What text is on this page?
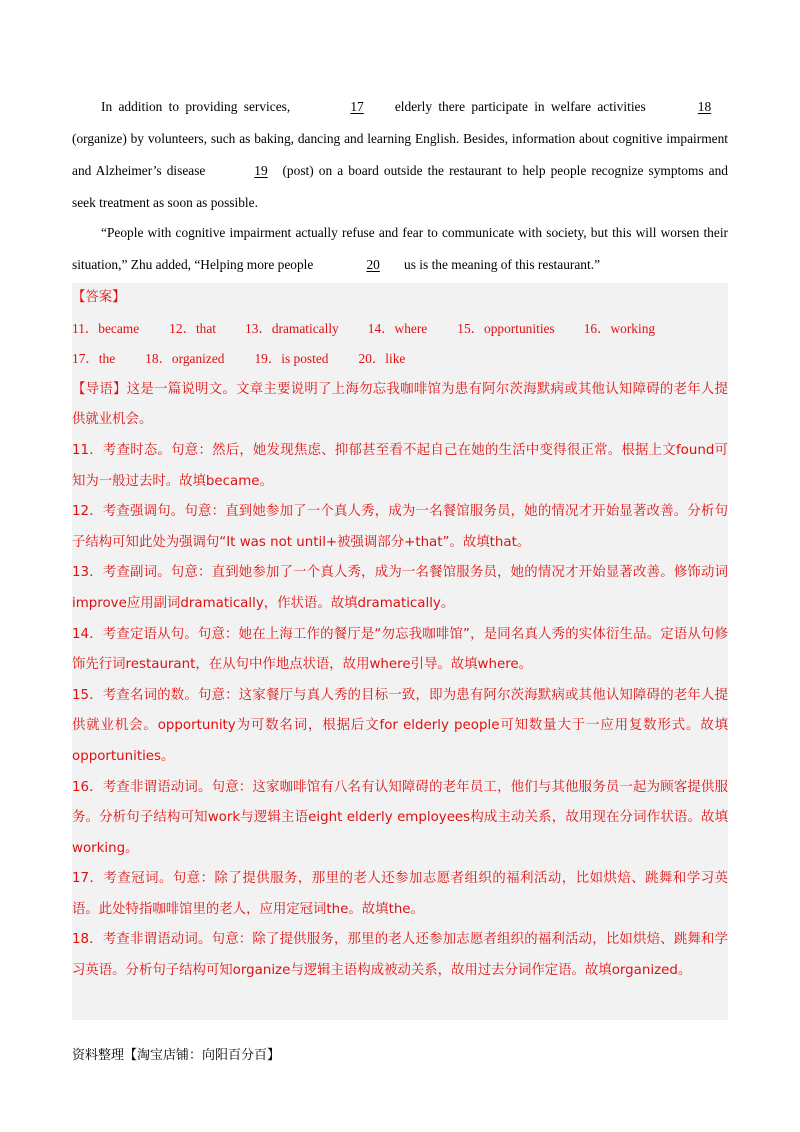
In addition to providing services,	17 elderly there participate in welfare activities	18 (organize) by volunteers, such as baking, dancing and learning English. Besides, information about cognitive impairment and Alzheimer’s disease	19 (post) on a board outside the restaurant to help people recognize symptoms and seek treatment as soon as possible.

“People with cognitive impairment actually refuse and fear to communicate with society, but this will worsen their situation,” Zhu added, “Helping more people	20 us is the meaning of this restaurant.”

【答案】

11．became 12．that 13．dramatically 14．where 15．opportunities 16．working

17．the 18．organized 19．is posted 20．like

【导语】这是一篇说明文。文章主要说明了上海勿忘我咖啡馆为患有阿尔茨海默病或其他认知障碍的老年人提供就业机会。

11．考查时态。句意：然后，她发现焦虑、抑郁甚至看不起自己在她的生活中变得很正常。根据上文found可知为一般过去时。故填became。

12．考查强调句。句意：直到她参加了一个真人秀，成为一名餐馆服务员，她的情况才开始显著改善。分析句子结构可知此处为强调句“It was not until+被强调部分+that”。故填that。

13．考查副词。句意：直到她参加了一个真人秀，成为一名餐馆服务员，她的情况才开始显著改善。修饰动词improve应用副词dramatically，作状语。故填dramatically。

14．考查定语从句。句意：她在上海工作的餐厅是“勿忘我咖啡馆”，是同名真人秀的实体衍生品。定语从句修饰先行词restaurant，在从句中作地点状语，故用where引导。故填where。

15．考查名词的数。句意：这家餐厅与真人秀的目标一致，即为患有阿尔茨海默病或其他认知障碍的老年人提供就业机会。opportunity为可数名词，根据后文for elderly people可知数量大于一应用复数形式。故填opportunities。

16．考查非谓语动词。句意：这家咖啡馆有八名有认知障碍的老年员工，他们与其他服务员一起为顾客提供服务。分析句子结构可知work与逻辑主语eight elderly employees构成主动关系，故用现在分词作状语。故填working。

17．考查冠词。句意：除了提供服务，那里的老人还参加志愿者组织的福利活动，比如烘焙、跳舞和学习英语。此处特指咖啡馆里的老人，应用定冠词the。故填the。

18．考查非谓语动词。句意：除了提供服务，那里的老人还参加志愿者组织的福利活动，比如烘焙、跳舞和学习英语。分析句子结构可知organize与逻辑主语构成被动关系，故用过去分词作定语。故填organized。

资料整理【淘宝店铺：向阳百分百】
